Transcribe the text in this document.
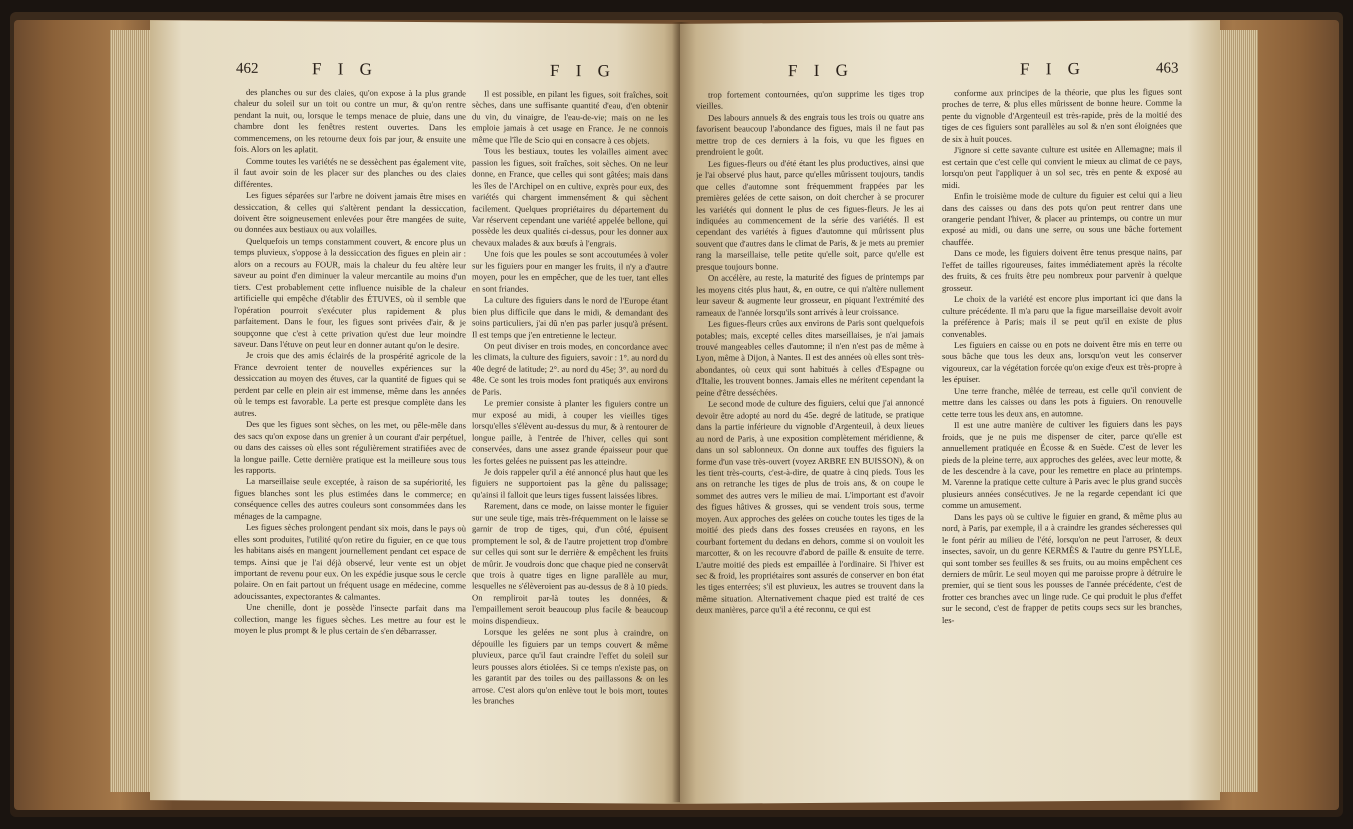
462	F I G	F I G

des planches ou sur des claies, qu'on expose à la plus grande chaleur du soleil sur un toit ou contre un mur, & qu'on rentre pendant la nuit, ou, lorsque le temps menace de pluie, dans une chambre dont les fenêtres restent ouvertes. Dans les commencemens, on les retourne deux fois par jour, & ensuite une fois. Alors on les aplatit.

Comme toutes les variétés ne se dessèchent pas également vite, il faut avoir soin de les placer sur des planches ou des claies différentes.

Les figues séparées sur l'arbre ne doivent jamais être mises en dessiccation, & celles qui s'altèrent pendant la dessiccation, doivent être soigneusement enlevées pour être mangées de suite, ou données aux bestiaux ou aux volailles.

Quelquefois un temps constamment couvert, & encore plus un temps pluvieux, s'oppose à la dessiccation des figues en plein air : alors on a recours au FOUR, mais la chaleur du feu altère leur saveur au point d'en diminuer la valeur mercantile au moins d'un tiers. C'est probablement cette influence nuisible de la chaleur artificielle qui empêche d'établir des ÉTUVES, où il semble que l'opération pourroit s'exécuter plus rapidement & plus parfaitement. Dans le four, les figues sont privées d'air, & je soupçonne que c'est à cette privation qu'est due leur moindre saveur. Dans l'étuve on peut leur en donner autant qu'on le desire.

Je crois que des amis éclairés de la prospérité agricole de la France devroient tenter de nouvelles expériences sur la dessiccation au moyen des étuves, car la quantité de figues qui se perdent par celle en plein air est immense, même dans les années où le temps est favorable. La perte est presque complète dans les autres.

Des que les figues sont sèches, on les met, ou pêle-mêle dans des sacs qu'on expose dans un grenier à un courant d'air perpétuel, ou dans des caisses où elles sont régulièrement stratifiées avec de la longue paille. Cette dernière pratique est la meilleure sous tous les rapports.

La marseillaise seule exceptée, à raison de sa supériorité, les figues blanches sont les plus estimées dans le commerce; en conséquence celles des autres couleurs sont consommées dans les ménages de la campagne.

Les figues sèches prolongent pendant six mois, dans le pays où elles sont produites, l'utilité qu'on retire du figuier, en ce que tous les habitans aisés en mangent journellement pendant cet espace de temps. Ainsi que je l'ai déjà observé, leur vente est un objet important de revenu pour eux. On les expédie jusque sous le cercle polaire. On en fait partout un fréquent usage en médecine, comme adoucissantes, expectorantes & calmantes.

Une chenille, dont je possède l'insecte parfait dans ma collection, mange les figues sèches. Les mettre au four est le moyen le plus prompt & le plus certain de s'en débarrasser.

Il est possible, en pilant les figues, soit fraîches, soit sèches, dans une suffisante quantité d'eau, d'en obtenir du vin, du vinaigre, de l'eau-de-vie; mais on ne les emploie jamais à cet usage en France. Je ne connois même que l'île de Scio qui en consacre à ces objets.

Tous les bestiaux, toutes les volailles aiment avec passion les figues, soit fraîches, soit sèches. On ne leur donne, en France, que celles qui sont gâtées; mais dans les îles de l'Archipel on en cultive, exprès pour eux, des variétés qui chargent immensément & qui sèchent facilement. Quelques propriétaires du département du Var réservent cependant une variété appelée bellone, qui possède les deux qualités ci-dessus, pour les donner aux chevaux malades & aux bœufs à l'engrais.

Une fois que les poules se sont accoutumées à voler sur les figuiers pour en manger les fruits, il n'y a d'autre moyen, pour les en empêcher, que de les tuer, tant elles en sont friandes.

La culture des figuiers dans le nord de l'Europe étant bien plus difficile que dans le midi, & demandant des soins particuliers, j'ai dû n'en pas parler jusqu'à présent. Il est temps que j'en entretienne le lecteur.

On peut diviser en trois modes, en concordance avec les climats, la culture des figuiers, savoir : 1°. au nord du 40e degré de latitude; 2°. au nord du 45e; 3°. au nord du 48e. Ce sont les trois modes font pratiqués aux environs de Paris.

Le premier consiste à planter les figuiers contre un mur exposé au midi, à couper les vieilles tiges lorsqu'elles s'élèvent au-dessus du mur, & à rentourer de longue paille, à l'entrée de l'hiver, celles qui sont conservées, dans une assez grande épaisseur pour que les fortes gelées ne puissent pas les atteindre.

Je dois rappeler qu'il a été annoncé plus haut que les figuiers ne supportoient pas la gêne du palissage; qu'ainsi il falloit que leurs tiges fussent laissées libres.

Rarement, dans ce mode, on laisse monter le figuier sur une seule tige, mais très-fréquemment on le laisse se garnir de trop de tiges, qui, d'un côté, épuisent promptement le sol, & de l'autre projettent trop d'ombre sur celles qui sont sur le derrière & empêchent les fruits de mûrir. Je voudrois donc que chaque pied ne conservât que trois à quatre tiges en ligne parallèle au mur, lesquelles ne s'élèveroient pas au-dessus de 8 à 10 pieds. On rempliroit par-là toutes les données, & l'empaillement seroit beaucoup plus facile & beaucoup moins dispendieux.

Lorsque les gelées ne sont plus à craindre, on dépouille les figuiers par un temps couvert & même pluvieux, parce qu'il faut craindre l'effet du soleil sur leurs pousses alors étiolées. Si ce temps n'existe pas, on les garantit par des toiles ou des paillassons & on les arrose. C'est alors qu'on enlève tout le bois mort, toutes les branches

F I G	F I G	463

trop fortement contournées, qu'on supprime les tiges trop vieilles.

Des labours annuels & des engrais tous les trois ou quatre ans favorisent beaucoup l'abondance des figues, mais il ne faut pas mettre trop de ces derniers à la fois, vu que les figues en prendroient le goût.

Les figues-fleurs ou d'été étant les plus productives, ainsi que je l'ai observé plus haut, parce qu'elles mûrissent toujours, tandis que celles d'automne sont fréquemment frappées par les premières gelées de cette saison, on doit chercher à se procurer les variétés qui donnent le plus de ces figues-fleurs. Je les ai indiquées au commencement de la série des variétés. Il est cependant des variétés à figues d'automne qui mûrissent plus souvent que d'autres dans le climat de Paris, & je mets au premier rang la marseillaise, telle petite qu'elle soit, parce qu'elle est presque toujours bonne.

On accélère, au reste, la maturité des figues de printemps par les moyens cités plus haut, &, en outre, ce qui n'altère nullement leur saveur & augmente leur grosseur, en piquant l'extrémité des rameaux de l'année lorsqu'ils sont arrivés à leur croissance.

Les figues-fleurs crûes aux environs de Paris sont quelquefois potables; mais, excepté celles dites marseillaises, je n'ai jamais trouvé mangeables celles d'automne; il n'en n'est pas de même à Lyon, même à Dijon, à Nantes. Il est des années où elles sont très-abondantes, où ceux qui sont habitués à celles d'Espagne ou d'Italie, les trouvent bonnes. Jamais elles ne méritent cependant la peine d'être desséchées.

Le second mode de culture des figuiers, celui que j'ai annoncé devoir être adopté au nord du 45e. degré de latitude, se pratique dans la partie inférieure du vignoble d'Argenteuil, à deux lieues au nord de Paris, à une exposition complètement méridienne, & dans un sol sablonneux. On donne aux touffes des figuiers la forme d'un vase très-ouvert (voyez ARBRE EN BUISSON), & on les tient très-courts, c'est-à-dire, de quatre à cinq pieds. Tous les ans on retranche les tiges de plus de trois ans, & on coupe le sommet des autres vers le milieu de mai. L'important est d'avoir des figues hâtives & grosses, qui se vendent trois sous, terme moyen. Aux approches des gelées on couche toutes les tiges de la moitié des pieds dans des fosses creusées en rayons, en les courbant fortement du dedans en dehors, comme si on vouloit les marcotter, & on les recouvre d'abord de paille & ensuite de terre. L'autre moitié des pieds est empaillée à l'ordinaire. Si l'hiver est sec & froid, les propriétaires sont assurés de conserver en bon état les tiges enterrées; s'il est pluvieux, les autres se trouvent dans la même situation. Alternativement chaque pied est traité de ces deux manières, parce qu'il a été reconnu, ce qui est

conforme aux principes de la théorie, que plus les figues sont proches de terre, & plus elles mûrissent de bonne heure. Comme la pente du vignoble d'Argenteuil est très-rapide, près de la moitié des tiges de ces figuiers sont parallèles au sol & n'en sont éloignées que de six à huit pouces.

J'ignore si cette savante culture est usitée en Allemagne; mais il est certain que c'est celle qui convient le mieux au climat de ce pays, lorsqu'on peut l'appliquer à un sol sec, très en pente & exposé au midi.

Enfin le troisième mode de culture du figuier est celui qui a lieu dans des caisses ou dans des pots qu'on peut rentrer dans une orangerie pendant l'hiver, & placer au printemps, ou contre un mur exposé au midi, ou dans une serre, ou sous une bâche fortement chauffée.

Dans ce mode, les figuiers doivent être tenus presque nains, par l'effet de tailles rigoureuses, faites immédiatement après la récolte des fruits, & ces fruits être peu nombreux pour parvenir à quelque grosseur.

Le choix de la variété est encore plus important ici que dans la culture précédente. Il m'a paru que la figue marseillaise devoit avoir la préférence à Paris; mais il se peut qu'il en existe de plus convenables.

Les figuiers en caisse ou en pots ne doivent être mis en terre ou sous bâche que tous les deux ans, lorsqu'on veut les conserver vigoureux, car la végétation forcée qu'on exige d'eux est très-propre à les épuiser.

Une terre franche, mêlée de terreau, est celle qu'il convient de mettre dans les caisses ou dans les pots à figuiers. On renouvelle cette terre tous les deux ans, en automne.

Il est une autre manière de cultiver les figuiers dans les pays froids, que je ne puis me dispenser de citer, parce qu'elle est annuellement pratiquée en Écosse & en Suède. C'est de lever les pieds de la pleine terre, aux approches des gelées, avec leur motte, & de les descendre à la cave, pour les remettre en place au printemps. M. Varenne la pratique cette culture à Paris avec le plus grand succès plusieurs années consécutives. Je ne la regarde cependant ici que comme un amusement.

Dans les pays où se cultive le figuier en grand, & même plus au nord, à Paris, par exemple, il a à craindre les grandes sécheresses qui le font périr au milieu de l'été, lorsqu'on ne peut l'arroser, & deux insectes, savoir, un du genre KERMÈS & l'autre du genre PSYLLE, qui sont tomber ses feuilles & ses fruits, ou au moins empêchent ces derniers de mûrir. Le seul moyen qui me paroisse propre à détruire le premier, qui se tient sous les pousses de l'année précédente, c'est de frotter ces branches avec un linge rude. Ce qui produit le plus d'effet sur le second, c'est de frapper de petits coups secs sur les branches, les-
